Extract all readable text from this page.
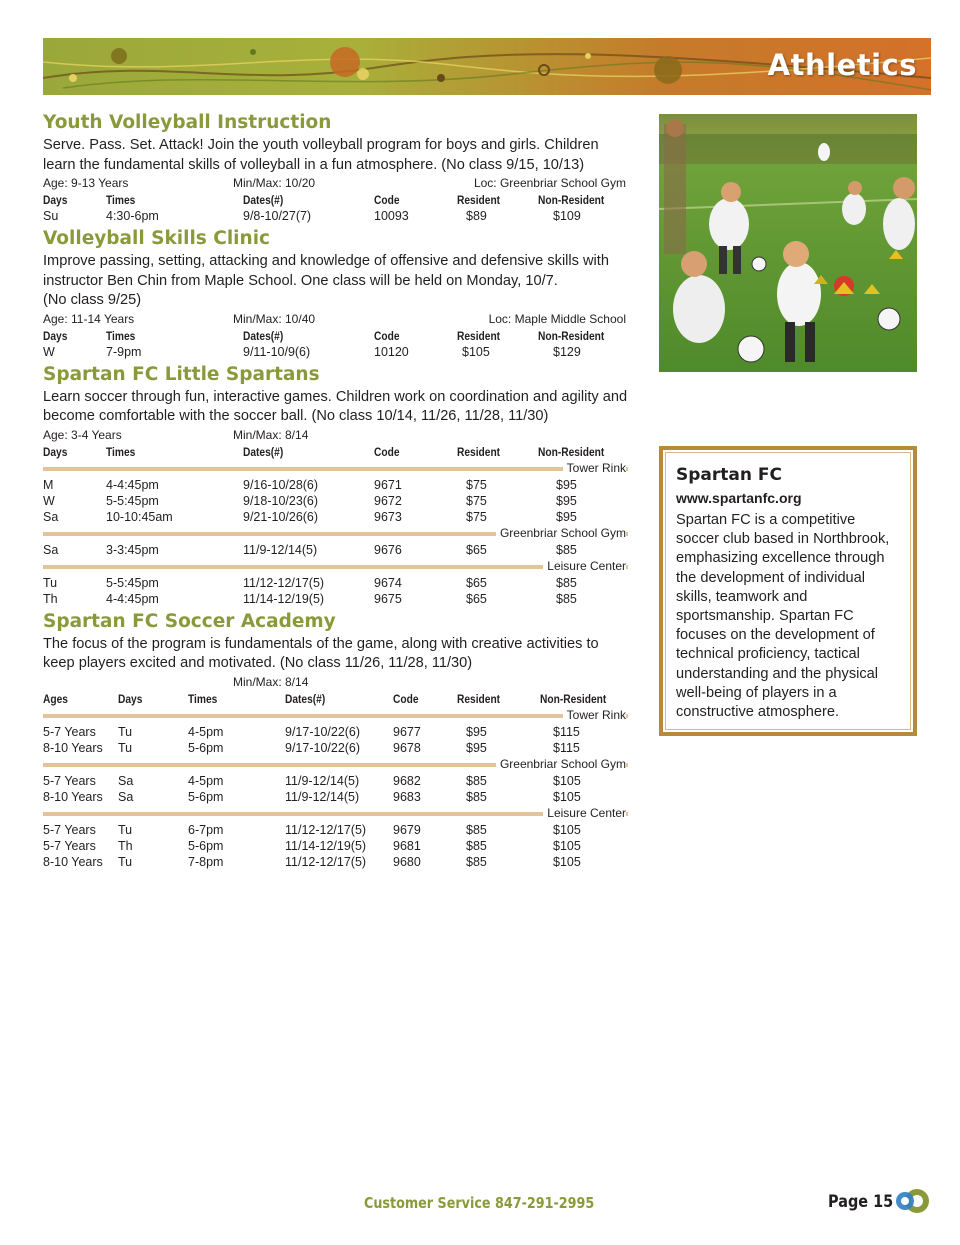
Athletics
Youth Volleyball Instruction

Serve. Pass. Set. Attack! Join the youth volleyball program for boys and girls. Children learn the fundamental skills of volleyball in a fun atmosphere. (No class 9/15, 10/13)

Age: 9-13 Years	Min/Max: 10/20	Loc: Greenbriar School Gym
Days	Times	Dates(#)	Code	Resident	Non-Resident
Su	4:30-6pm	9/8-10/27(7)	10093	$89	$109
Volleyball Skills Clinic

Improve passing, setting, attacking and knowledge of offensive and defensive skills with instructor Ben Chin from Maple School. One class will be held on Monday, 10/7.

(No class 9/25)

Age: 11-14 Years	Min/Max: 10/40	Loc: Maple Middle School
Days	Times	Dates(#)	Code	Resident	Non-Resident
W	7-9pm	9/11-10/9(6)	10120	$105	$129
Spartan FC Little Spartans

Learn soccer through fun, interactive games. Children work on coordination and agility and become comfortable with the soccer ball. (No class 10/14, 11/26, 11/28, 11/30)

Age: 3-4 Years	Min/Max: 8/14
Days	Times	Dates(#)	Code	Resident	Non-Resident
Tower Rink
M	4-4:45pm	9/16-10/28(6)	9671	$75	$95
W	5-5:45pm	9/18-10/23(6)	9672	$75	$95
Sa	10-10:45am	9/21-10/26(6)	9673	$75	$95
Greenbriar School Gym
Sa	3-3:45pm	11/9-12/14(5)	9676	$65	$85
Leisure Center
Tu	5-5:45pm	11/12-12/17(5)	9674	$65	$85
Th	4-4:45pm	11/14-12/19(5)	9675	$65	$85
Spartan FC Soccer Academy

The focus of the program is fundamentals of the game, along with creative activities to keep players excited and motivated. (No class 11/26, 11/28, 11/30)

Min/Max: 8/14
Ages	Days	Times	Dates(#)	Code	Resident	Non-Resident
Tower Rink
5-7 Years Tu	4-5pm	9/17-10/22(6)	9677	$95	$115
8-10 Years Tu	5-6pm	9/17-10/22(6)	9678	$95	$115
Greenbriar School Gym
5-7 Years Sa	4-5pm	11/9-12/14(5)	9682	$85	$105
8-10 Years Sa	5-6pm	11/9-12/14(5)	9683	$85	$105
Leisure Center
5-7 Years Tu	6-7pm	11/12-12/17(5) 9679	$85	$105
5-7 Years Th	5-6pm	11/14-12/19(5) 9681	$85	$105
8-10 Years Tu	7-8pm	11/12-12/17(5) 9680	$85	$105
Spartan FC
www.spartanfc.org
Spartan FC is a competitive soccer club based in Northbrook, emphasizing excellence through the development of individual skills, teamwork and sportsmanship. Spartan FC focuses on the development of technical proficiency, tactical understanding and the physical well-being of players in a constructive atmosphere.
Customer Service 847-291-2995	Page 15
